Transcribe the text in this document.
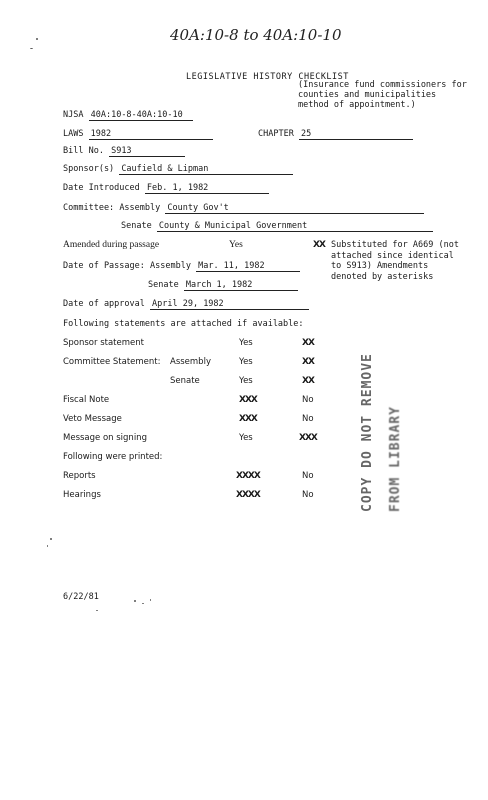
40A:10-8 to 40A:10-10
LEGISLATIVE HISTORY CHECKLIST
(Insurance fund commissioners for counties and municipalities method of appointment.)
NJSA 40A:10-8-40A:10-10
LAWS 1982	CHAPTER 25
Bill No. S913
Sponsor(s) Caufield & Lipman
Date Introduced Feb. 1, 1982
Committee: Assembly County Gov't
Senate County & Municipal Government
Amended during passage	Yes	XX Substituted for A669 (not attached since identical to S913) Amendments denoted by asterisks
Date of Passage: Assembly Mar. 11, 1982
Senate March 1, 1982
Date of approval April 29, 1982
Following statements are attached if available:
Sponsor statement	Yes	XX
Committee Statement: Assembly	Yes	XX
Senate	Yes	XX
Fiscal Note	XXX	No
Veto Message	XXX	No
Message on signing	Yes	XXX
Following were printed:
Reports	XXXX	No
Hearings	XXXX	No	COPY DO NOT REMOVE FROM LIBRARY
6/22/81
